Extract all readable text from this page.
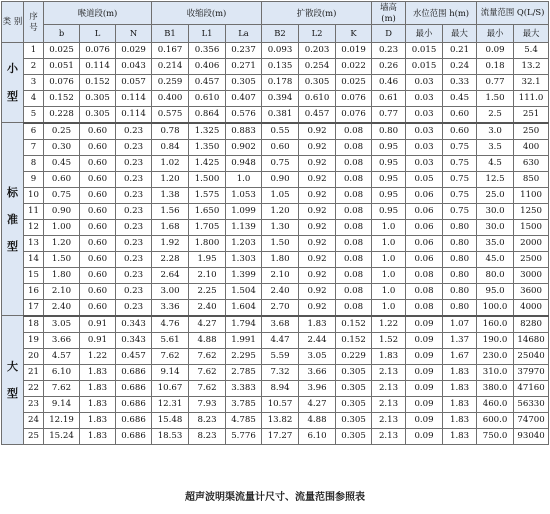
类 别	序 号	喉道段(m)			收缩段(m)			扩散段(m)			墙高 (m)	水位范围 h(m)		流量范围 Q(L/S)	
		b	L	N	B1	L1	La	B2	L2	K	D	最小	最大	最小	最大

小
型	1	0.025	0.076	0.029	0.167	0.356	0.237	0.093	0.203	0.019	0.23	0.015	0.21	0.09	5.4
	2	0.051	0.114	0.043	0.214	0.406	0.271	0.135	0.254	0.022	0.26	0.015	0.24	0.18	13.2
	3	0.076	0.152	0.057	0.259	0.457	0.305	0.178	0.305	0.025	0.46	0.03	0.33	0.77	32.1
	4	0.152	0.305	0.114	0.400	0.610	0.407	0.394	0.610	0.076	0.61	0.03	0.45	1.50	111.0
	5	0.228	0.305	0.114	0.575	0.864	0.576	0.381	0.457	0.076	0.77	0.03	0.60	2.5	251

标
准
型	6	0.25	0.60	0.23	0.78	1.325	0.883	0.55	0.92	0.08	0.80	0.03	0.60	3.0	250
	7	0.30	0.60	0.23	0.84	1.350	0.902	0.60	0.92	0.08	0.95	0.03	0.75	3.5	400
	8	0.45	0.60	0.23	1.02	1.425	0.948	0.75	0.92	0.08	0.95	0.03	0.75	4.5	630
	9	0.60	0.60	0.23	1.20	1.500	1.0	0.90	0.92	0.08	0.95	0.05	0.75	12.5	850
	10	0.75	0.60	0.23	1.38	1.575	1.053	1.05	0.92	0.08	0.95	0.06	0.75	25.0	1100
	11	0.90	0.60	0.23	1.56	1.650	1.099	1.20	0.92	0.08	0.95	0.06	0.75	30.0	1250
	12	1.00	0.60	0.23	1.68	1.705	1.139	1.30	0.92	0.08	1.0	0.06	0.80	30.0	1500
	13	1.20	0.60	0.23	1.92	1.800	1.203	1.50	0.92	0.08	1.0	0.06	0.80	35.0	2000
	14	1.50	0.60	0.23	2.28	1.95	1.303	1.80	0.92	0.08	1.0	0.06	0.80	45.0	2500
	15	1.80	0.60	0.23	2.64	2.10	1.399	2.10	0.92	0.08	1.0	0.08	0.80	80.0	3000
	16	2.10	0.60	0.23	3.00	2.25	1.504	2.40	0.92	0.08	1.0	0.08	0.80	95.0	3600
	17	2.40	0.60	0.23	3.36	2.40	1.604	2.70	0.92	0.08	1.0	0.08	0.80	100.0	4000

大
型	18	3.05	0.91	0.343	4.76	4.27	1.794	3.68	1.83	0.152	1.22	0.09	1.07	160.0	8280
	19	3.66	0.91	0.343	5.61	4.88	1.991	4.47	2.44	0.152	1.52	0.09	1.37	190.0	14680
	20	4.57	1.22	0.457	7.62	7.62	2.295	5.59	3.05	0.229	1.83	0.09	1.67	230.0	25040
	21	6.10	1.83	0.686	9.14	7.62	2.785	7.32	3.66	0.305	2.13	0.09	1.83	310.0	37970
	22	7.62	1.83	0.686	10.67	7.62	3.383	8.94	3.96	0.305	2.13	0.09	1.83	380.0	47160
	23	9.14	1.83	0.686	12.31	7.93	3.785	10.57	4.27	0.305	2.13	0.09	1.83	460.0	56330
	24	12.19	1.83	0.686	15.48	8.23	4.785	13.82	4.88	0.305	2.13	0.09	1.83	600.0	74700
	25	15.24	1.83	0.686	18.53	8.23	5.776	17.27	6.10	0.305	2.13	0.09	1.83	750.0	93040
超声波明渠流量计尺寸、流量范围参照表
